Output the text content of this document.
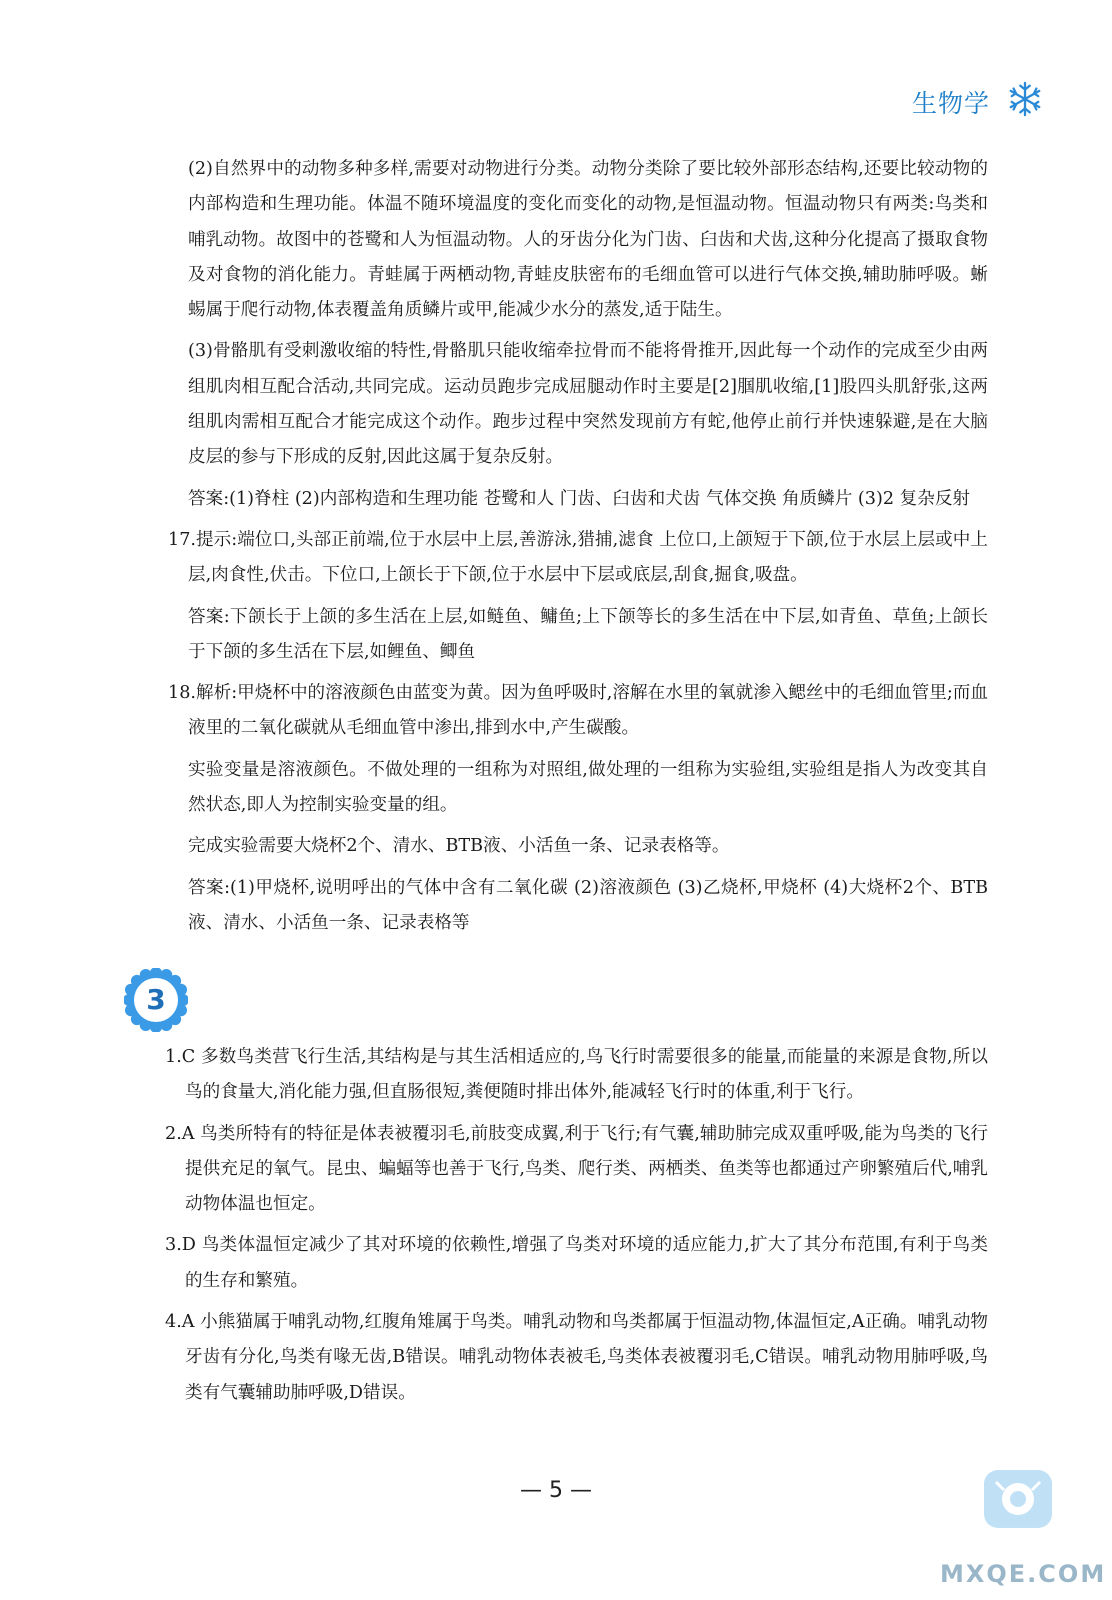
生物学

(2)自然界中的动物多种多样,需要对动物进行分类。动物分类除了要比较外部形态结构,还要比较动物的内部构造和生理功能。体温不随环境温度的变化而变化的动物,是恒温动物。恒温动物只有两类:鸟类和哺乳动物。故图中的苍鹭和人为恒温动物。人的牙齿分化为门齿、臼齿和犬齿,这种分化提高了摄取食物及对食物的消化能力。青蛙属于两栖动物,青蛙皮肤密布的毛细血管可以进行气体交换,辅助肺呼吸。蜥蜴属于爬行动物,体表覆盖角质鳞片或甲,能减少水分的蒸发,适于陆生。

(3)骨骼肌有受刺激收缩的特性,骨骼肌只能收缩牵拉骨而不能将骨推开,因此每一个动作的完成至少由两组肌肉相互配合活动,共同完成。运动员跑步完成屈腿动作时主要是[2]腘肌收缩,[1]股四头肌舒张,这两组肌肉需相互配合才能完成这个动作。跑步过程中突然发现前方有蛇,他停止前行并快速躲避,是在大脑皮层的参与下形成的反射,因此这属于复杂反射。

答案:(1)脊柱 (2)内部构造和生理功能 苍鹭和人 门齿、臼齿和犬齿 气体交换 角质鳞片 (3)2 复杂反射

17.提示:端位口,头部正前端,位于水层中上层,善游泳,猎捕,滤食 上位口,上颌短于下颌,位于水层上层或中上层,肉食性,伏击。下位口,上颌长于下颌,位于水层中下层或底层,刮食,掘食,吸盘。

答案:下颌长于上颌的多生活在上层,如鲢鱼、鳙鱼;上下颌等长的多生活在中下层,如青鱼、草鱼;上颌长于下颌的多生活在下层,如鲤鱼、鲫鱼

18.解析:甲烧杯中的溶液颜色由蓝变为黄。因为鱼呼吸时,溶解在水里的氧就渗入鳃丝中的毛细血管里;而血液里的二氧化碳就从毛细血管中渗出,排到水中,产生碳酸。

实验变量是溶液颜色。不做处理的一组称为对照组,做处理的一组称为实验组,实验组是指人为改变其自然状态,即人为控制实验变量的组。

完成实验需要大烧杯2个、清水、BTB液、小活鱼一条、记录表格等。

答案:(1)甲烧杯,说明呼出的气体中含有二氧化碳 (2)溶液颜色 (3)乙烧杯,甲烧杯 (4)大烧杯2个、BTB液、清水、小活鱼一条、记录表格等

3

1.C 多数鸟类营飞行生活,其结构是与其生活相适应的,鸟飞行时需要很多的能量,而能量的来源是食物,所以鸟的食量大,消化能力强,但直肠很短,粪便随时排出体外,能减轻飞行时的体重,利于飞行。

2.A 鸟类所特有的特征是体表被覆羽毛,前肢变成翼,利于飞行;有气囊,辅助肺完成双重呼吸,能为鸟类的飞行提供充足的氧气。昆虫、蝙蝠等也善于飞行,鸟类、爬行类、两栖类、鱼类等也都通过产卵繁殖后代,哺乳动物体温也恒定。

3.D 鸟类体温恒定减少了其对环境的依赖性,增强了鸟类对环境的适应能力,扩大了其分布范围,有利于鸟类的生存和繁殖。

4.A 小熊猫属于哺乳动物,红腹角雉属于鸟类。哺乳动物和鸟类都属于恒温动物,体温恒定,A正确。哺乳动物牙齿有分化,鸟类有喙无齿,B错误。哺乳动物体表被毛,鸟类体表被覆羽毛,C错误。哺乳动物用肺呼吸,鸟类有气囊辅助肺呼吸,D错误。

— 5 —
MXQE.COM
